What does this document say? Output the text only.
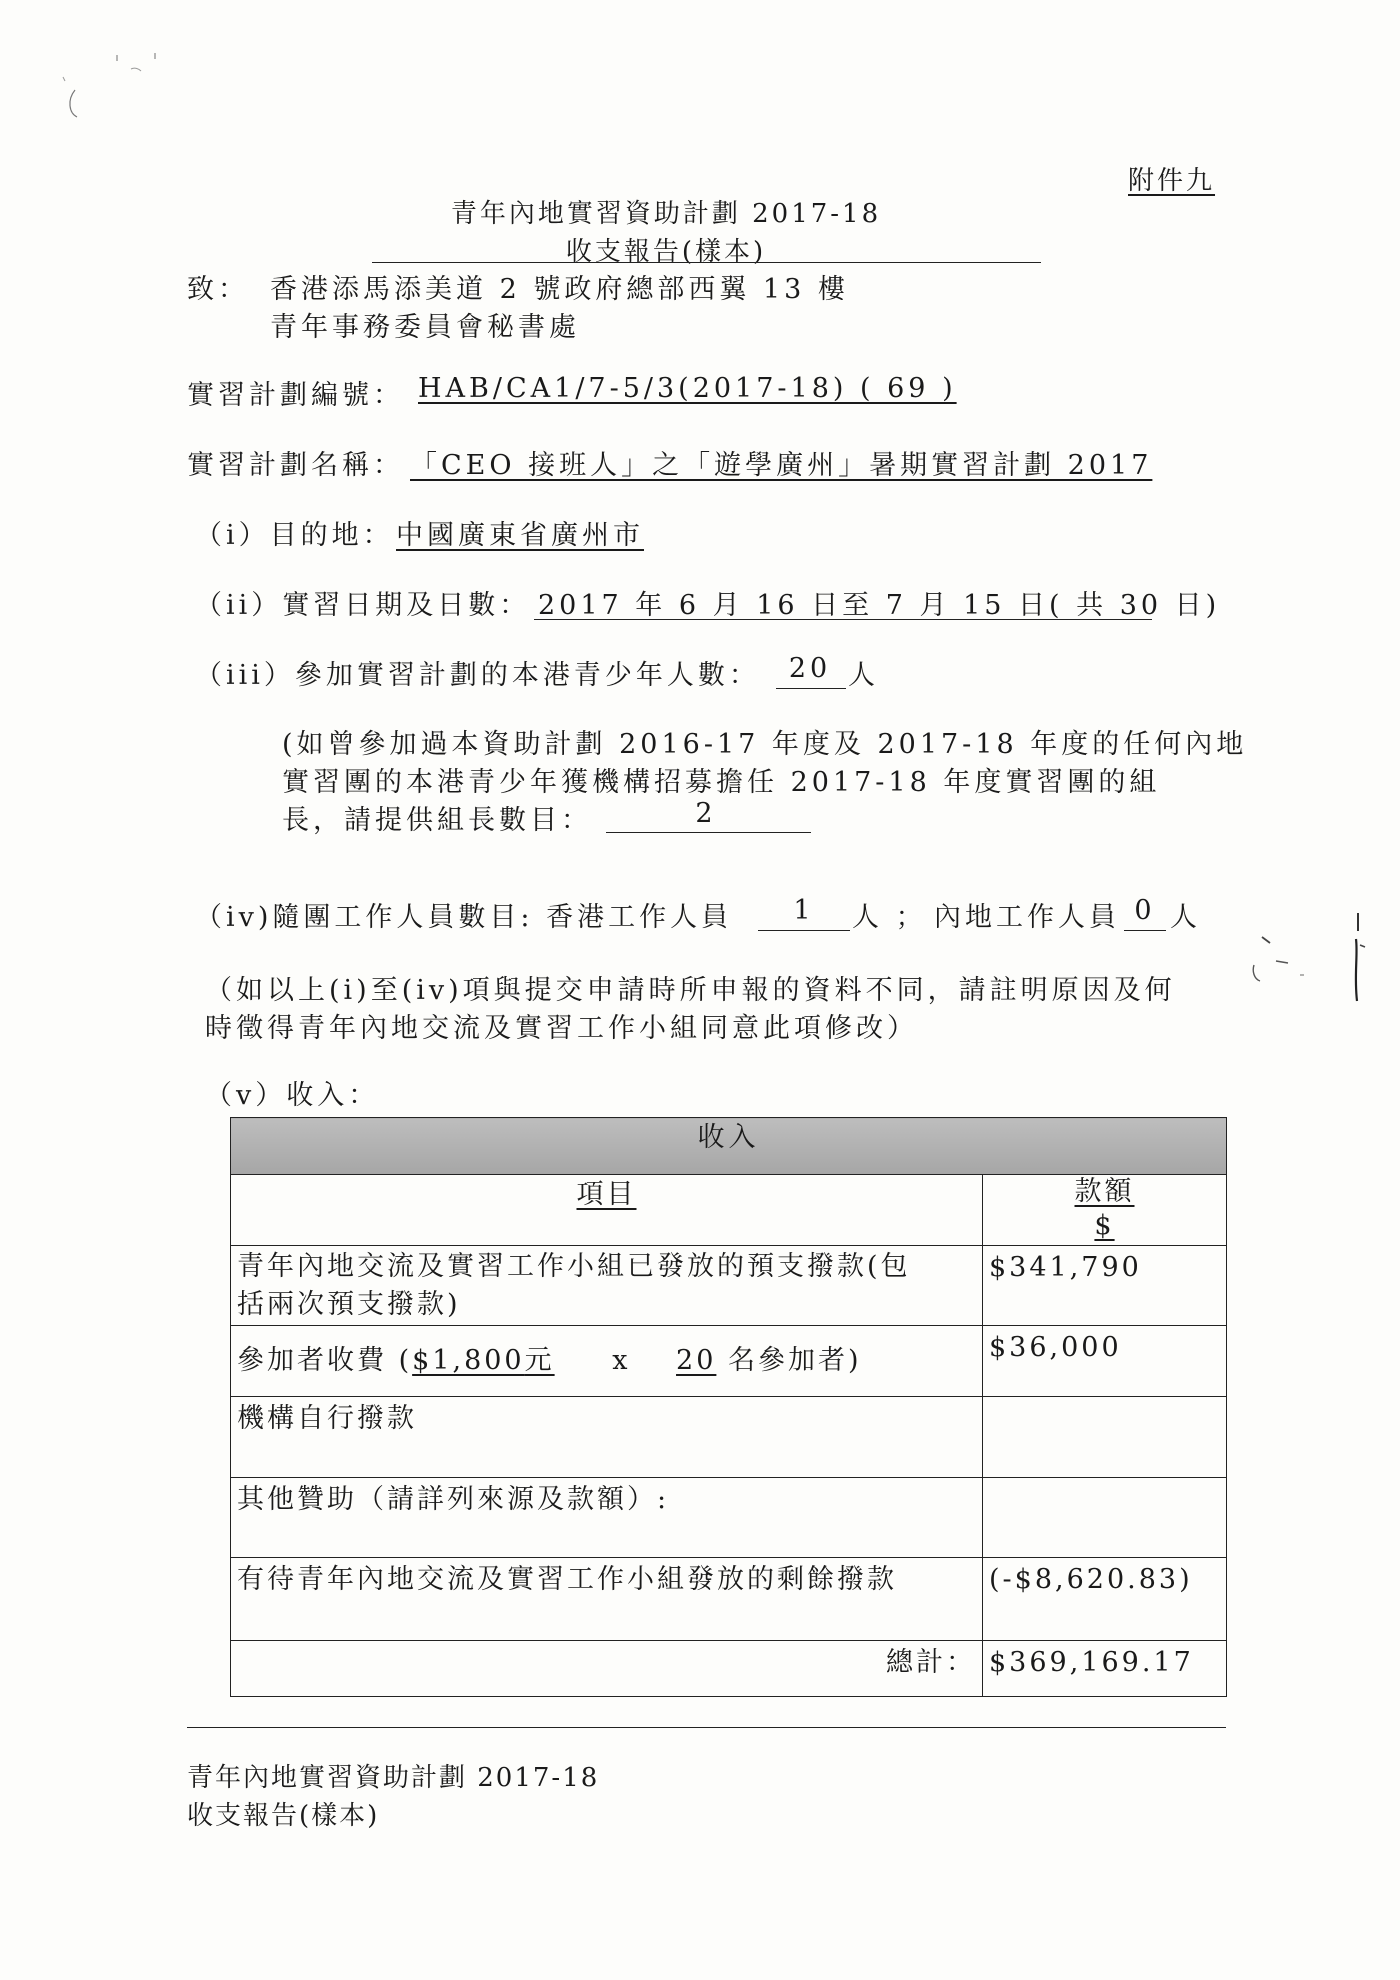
附件九
青年內地實習資助計劃 2017-18
收支報告(樣本)
致： 香港添馬添美道 2 號政府總部西翼 13 樓
青年事務委員會秘書處
實習計劃編號： HAB/CA1/7-5/3(2017-18) ( 69 )
實習計劃名稱： 「CEO 接班人」之「遊學廣州」暑期實習計劃 2017
（i）目的地： 中國廣東省廣州市
（ii）實習日期及日數： 2017 年 6 月 16 日至 7 月 15 日( 共 30 日)
（iii）參加實習計劃的本港青少年人數：	20 人
(如曾參加過本資助計劃 2016-17 年度及 2017-18 年度的任何內地
實習團的本港青少年獲機構招募擔任 2017-18 年度實習團的組
長，請提供組長數目：	2
（iv)隨團工作人員數目: 香港工作人員	1	人 ； 內地工作人員 0 人
（如以上(i)至(iv)項與提交申請時所申報的資料不同，請註明原因及何
時徵得青年內地交流及實習工作小組同意此項修改）
（v）收入：
收入	
項目	款額
$
青年內地交流及實習工作小組已發放的預支撥款(包
括兩次預支撥款)	$341,790
參加者收費 ($1,800元 x 20 名參加者)	$36,000
機構自行撥款	
其他贊助（請詳列來源及款額）:	
有待青年內地交流及實習工作小組發放的剩餘撥款	(-$8,620.83)
總計：	$369,169.17
青年內地實習資助計劃 2017-18
收支報告(樣本)
